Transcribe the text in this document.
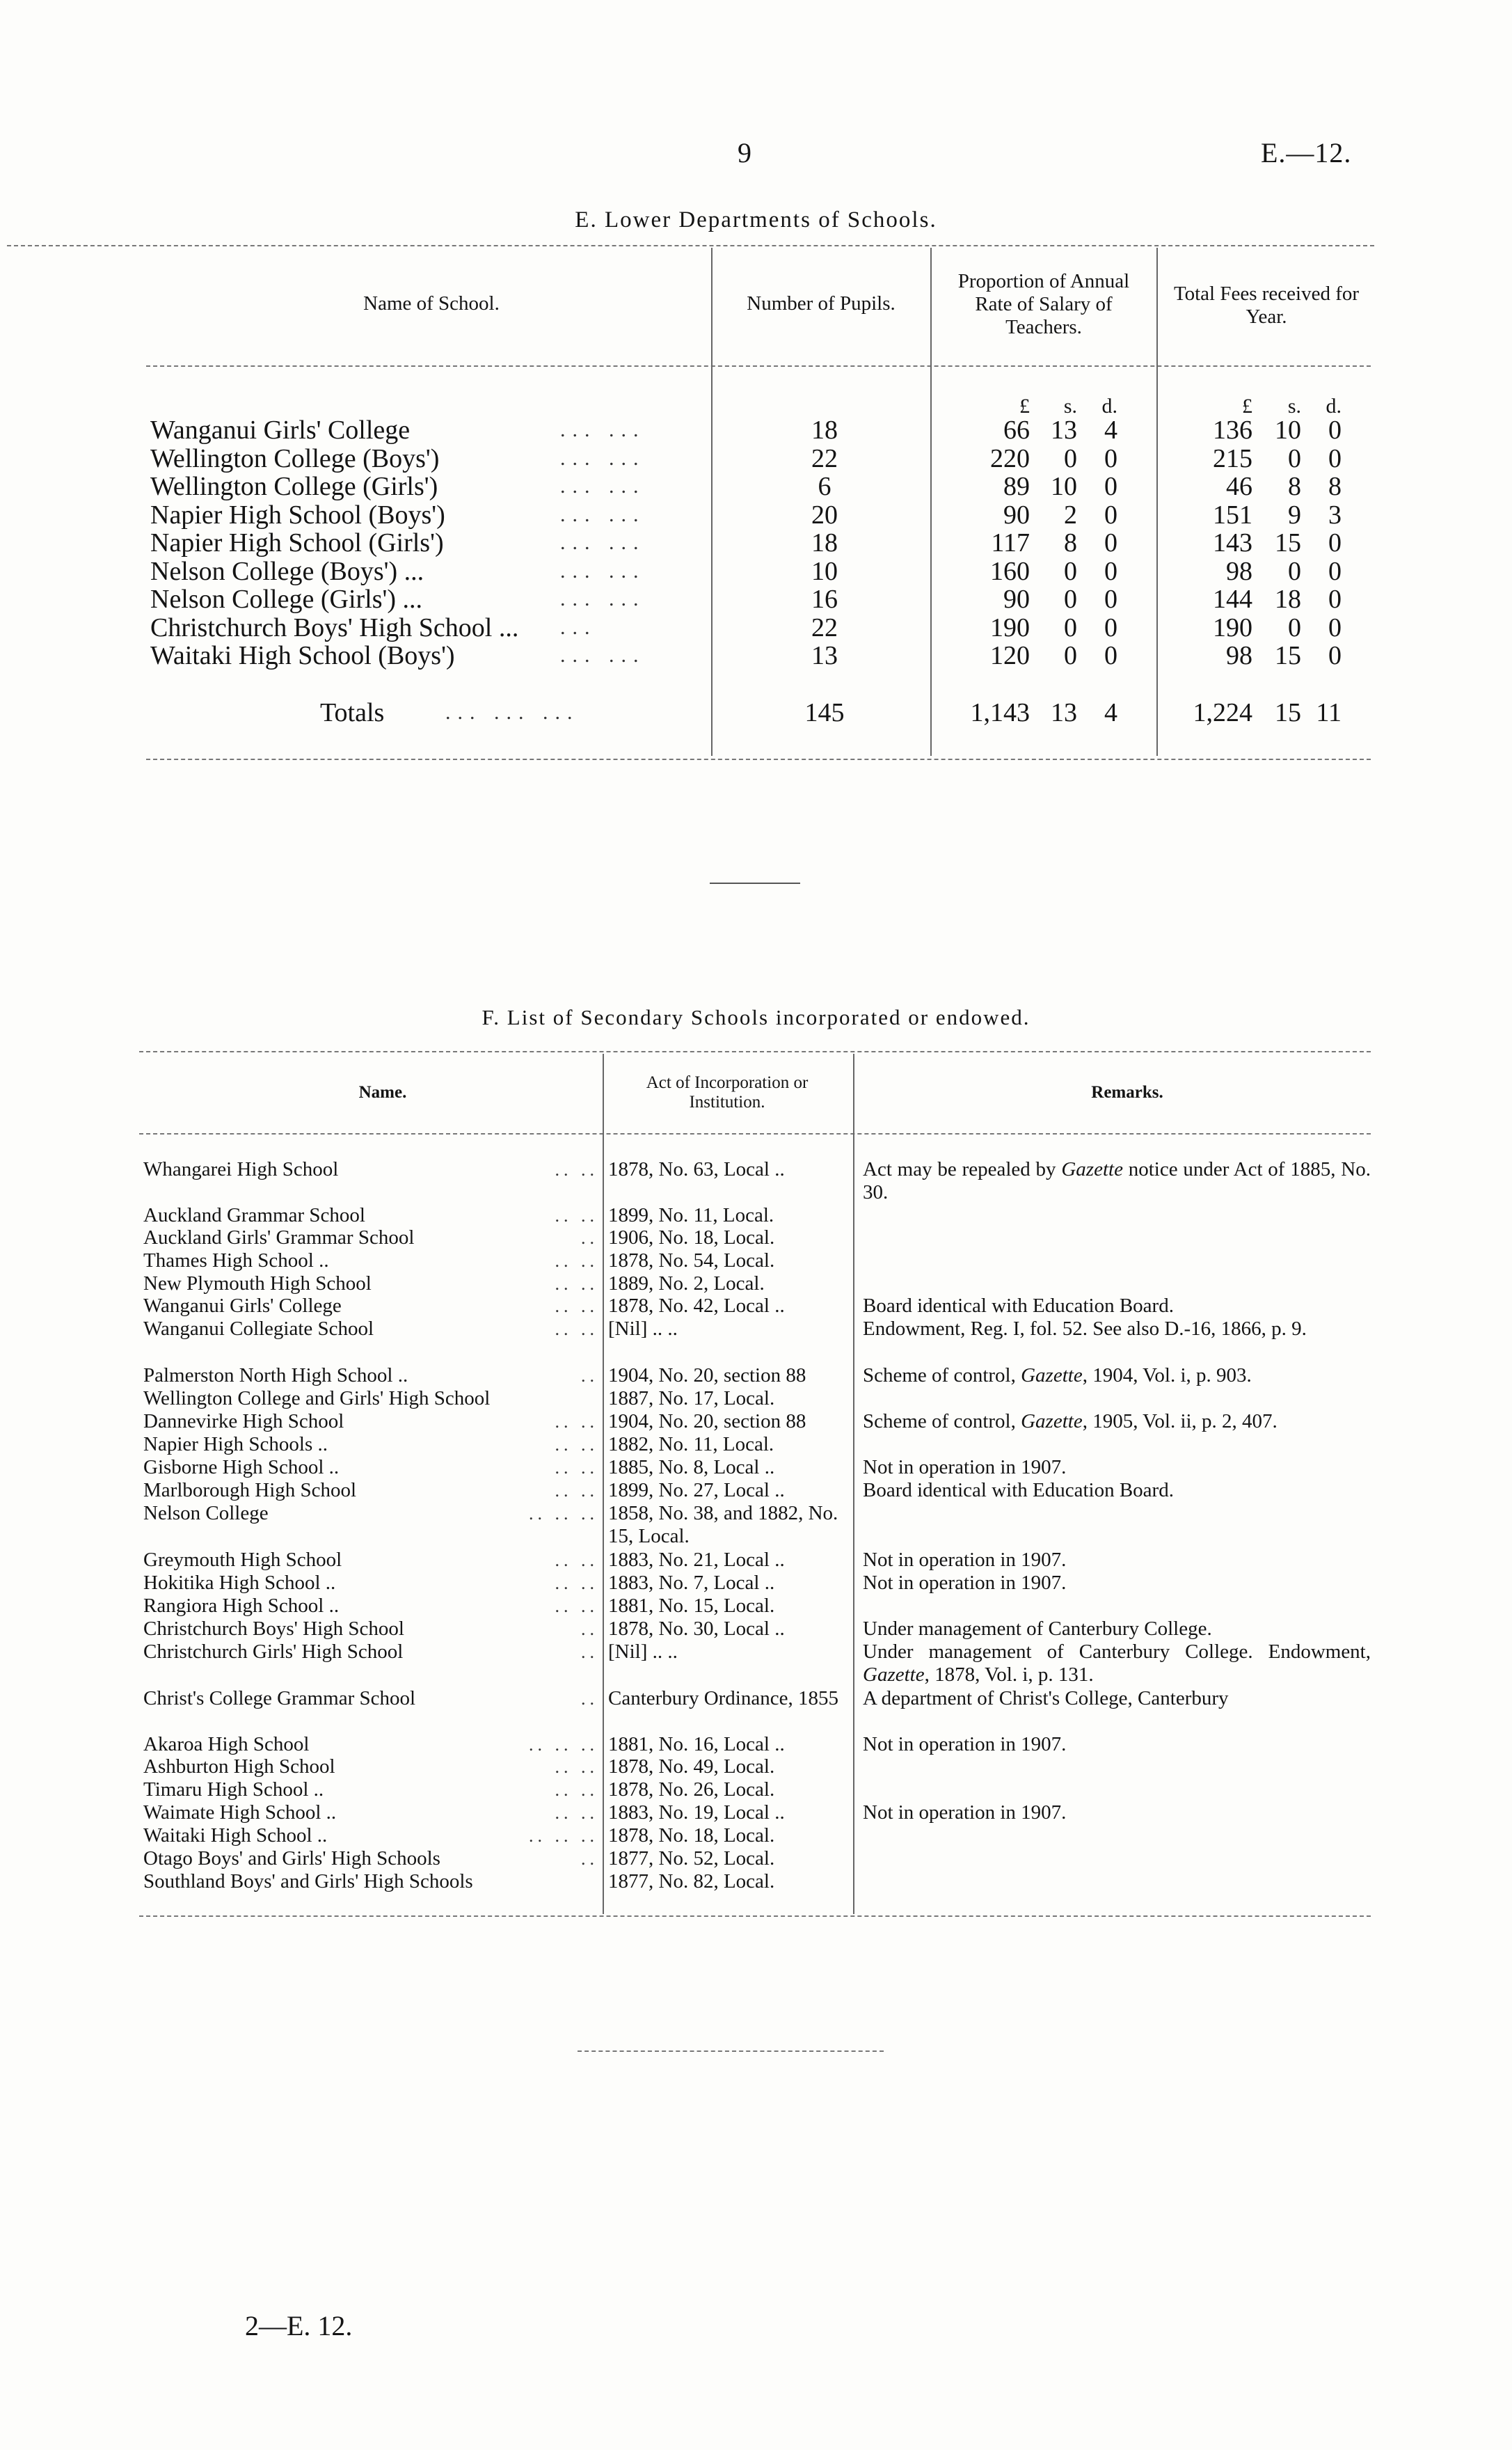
9	E.—12.
E. Lower Departments of Schools.
Name of School.	Number of Pupils.
Proportion of Annual Rate of Salary of Teachers.
Total Fees received for Year.
£	s.	d.	£	s.	d.
Wanganui Girls' College	... ...	18	66 13	4	136 10	0
Wellington College (Boys')	... ...	22	220	0	0	215	0	0
Wellington College (Girls')	... ...	6	89 10	0	46	8	8
Napier High School (Boys')	... ...	20	90	2	0	151	9	3
Napier High School (Girls')	... ...	18	117	8	0	143 15	0
Nelson College (Boys') ...	... ...	10	160	0	0	98	0	0
Nelson College (Girls') ...	... ...	16	90	0	0	144 18	0
Christchurch Boys' High School ... ...	22	190	0	0	190	0	0
Waitaki High School (Boys')	... ...	13	120	0	0	98 15	0
Totals	... ... ...	145	1,143 13	4	1,224 15 11
F. List of Secondary Schools incorporated or endowed.
Name.
Act of Incorporation or Institution.
Remarks.
Whangarei High School	.. .. 1878, No. 63, Local ..	Act may be repealed by Gazette notice under Act of 1885, No. 30.
Auckland Grammar School	.. .. 1899, No. 11, Local.
Auckland Girls' Grammar School	.. 1906, No. 18, Local.
Thames High School ..	.. .. 1878, No. 54, Local.
New Plymouth High School	.. .. 1889, No. 2, Local.
Wanganui Girls' College	.. .. 1878, No. 42, Local ..	Board identical with Education Board.
Wanganui Collegiate School	.. .. [Nil] .. ..	Endowment, Reg. I, fol. 52. See also D.-16, 1866, p. 9.
Palmerston North High School ..	.. 1904, No. 20, section 88	Scheme of control, Gazette, 1904, Vol. i, p. 903.
Wellington College and Girls' High School	1887, No. 17, Local.
Dannevirke High School	.. .. 1904, No. 20, section 88	Scheme of control, Gazette, 1905, Vol. ii, p. 2, 407.
Napier High Schools ..	.. .. 1882, No. 11, Local.
Gisborne High School ..	.. .. 1885, No. 8, Local ..	Not in operation in 1907.
Marlborough High School	.. .. 1899, No. 27, Local ..	Board identical with Education Board.
Nelson College	.. .. .. 1858, No. 38, and 1882, No. 15, Local.
Greymouth High School	.. .. 1883, No. 21, Local ..	Not in operation in 1907.
Hokitika High School ..	.. .. 1883, No. 7, Local ..	Not in operation in 1907.
Rangiora High School ..	.. .. 1881, No. 15, Local.
Christchurch Boys' High School	.. 1878, No. 30, Local ..	Under management of Canterbury College.
Christchurch Girls' High School	.. [Nil] .. ..	Under management of Canterbury College. Endowment, Gazette, 1878, Vol. i, p. 131.
Christ's College Grammar School	.. Canterbury Ordinance, 1855	A department of Christ's College, Canterbury
Akaroa High School	.. .. .. 1881, No. 16, Local ..	Not in operation in 1907.
Ashburton High School	.. .. 1878, No. 49, Local.
Timaru High School ..	.. .. 1878, No. 26, Local.
Waimate High School ..	.. .. 1883, No. 19, Local ..	Not in operation in 1907.
Waitaki High School ..	.. .. .. 1878, No. 18, Local.
Otago Boys' and Girls' High Schools	.. 1877, No. 52, Local.
Southland Boys' and Girls' High Schools	1877, No. 82, Local.
2—E. 12.
